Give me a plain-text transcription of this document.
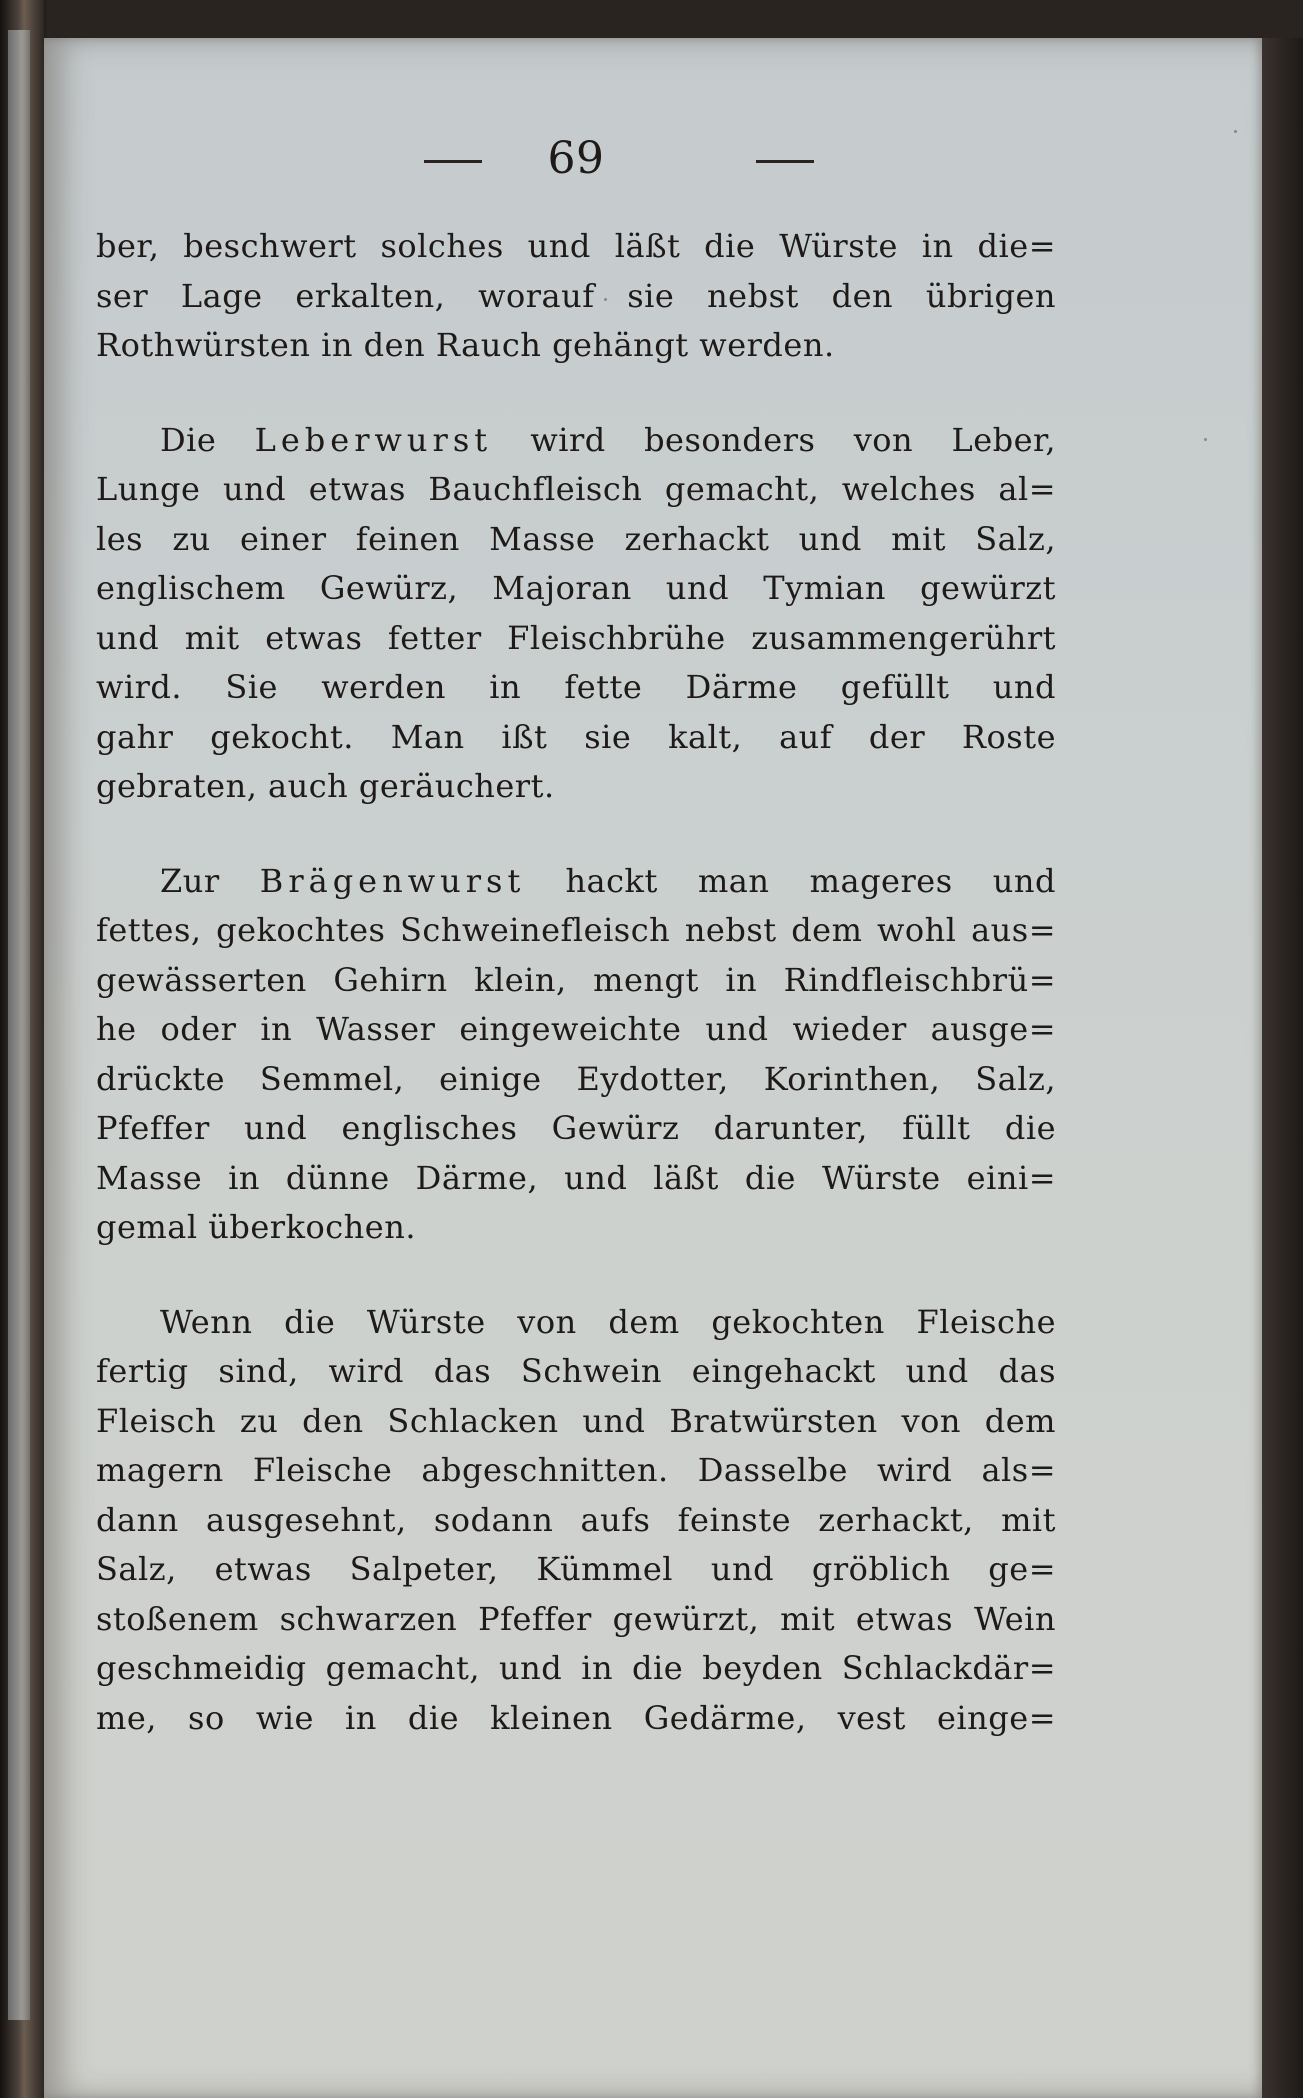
69

ber, beschwert solches und läßt die Würste in die=
ser Lage erkalten, worauf sie nebst den übrigen
Rothwürsten in den Rauch gehängt werden.

Die Leberwurst wird besonders von Leber,
Lunge und etwas Bauchfleisch gemacht, welches al=
les zu einer feinen Masse zerhackt und mit Salz,
englischem Gewürz, Majoran und Tymian gewürzt
und mit etwas fetter Fleischbrühe zusammengerührt
wird. Sie werden in fette Därme gefüllt und
gahr gekocht. Man ißt sie kalt, auf der Roste
gebraten, auch geräuchert.

Zur Brägenwurst hackt man mageres und
fettes, gekochtes Schweinefleisch nebst dem wohl aus=
gewässerten Gehirn klein, mengt in Rindfleischbrü=
he oder in Wasser eingeweichte und wieder ausge=
drückte Semmel, einige Eydotter, Korinthen, Salz,
Pfeffer und englisches Gewürz darunter, füllt die
Masse in dünne Därme, und läßt die Würste eini=
gemal überkochen.

Wenn die Würste von dem gekochten Fleische
fertig sind, wird das Schwein eingehackt und das
Fleisch zu den Schlacken und Bratwürsten von dem
magern Fleische abgeschnitten. Dasselbe wird als=
dann ausgesehnt, sodann aufs feinste zerhackt, mit
Salz, etwas Salpeter, Kümmel und gröblich ge=
stoßenem schwarzen Pfeffer gewürzt, mit etwas Wein
geschmeidig gemacht, und in die beyden Schlackdär=
me, so wie in die kleinen Gedärme, vest einge=
